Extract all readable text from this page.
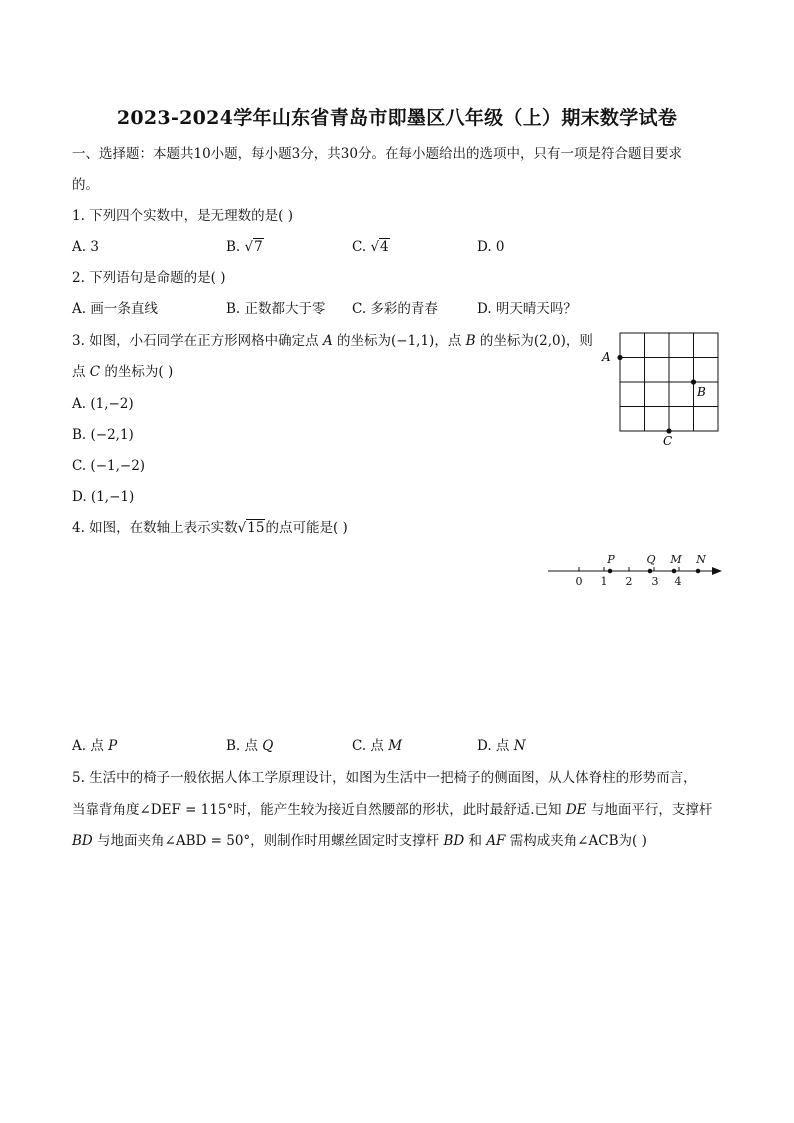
2023-2024学年山东省青岛市即墨区八年级（上）期末数学试卷
一、选择题：本题共10小题，每小题3分，共30分。在每小题给出的选项中，只有一项是符合题目要求
的。
1. 下列四个实数中，是无理数的是( )
A. 3	B. √7	C. √4	D. 0
2. 下列语句是命题的是( )
A. 画一条直线	B. 正数都大于零 C. 多彩的青春	D. 明天晴天吗？
3. 如图，小石同学在正方形网格中确定点 A 的坐标为(−1,1)，点 B 的坐标为(2,0)，则
点 C 的坐标为( )
A. (1,−2)
B. (−2,1)
C. (−1,−2)
D. (1,−1)
A
B
C
4. 如图，在数轴上表示实数√15的点可能是( )
0 1 2 3 4
P	Q M N
A. 点 P	B. 点 Q	C. 点 M	D. 点 N
5. 生活中的椅子一般依据人体工学原理设计，如图为生活中一把椅子的侧面图，从人体脊柱的形势而言，
当靠背角度∠DEF = 115°时，能产生较为接近自然腰部的形状，此时最舒适.已知 DE 与地面平行，支撑杆
BD 与地面夹角∠ABD = 50°，则制作时用螺丝固定时支撑杆 BD 和 AF 需构成夹角∠ACB为( )
